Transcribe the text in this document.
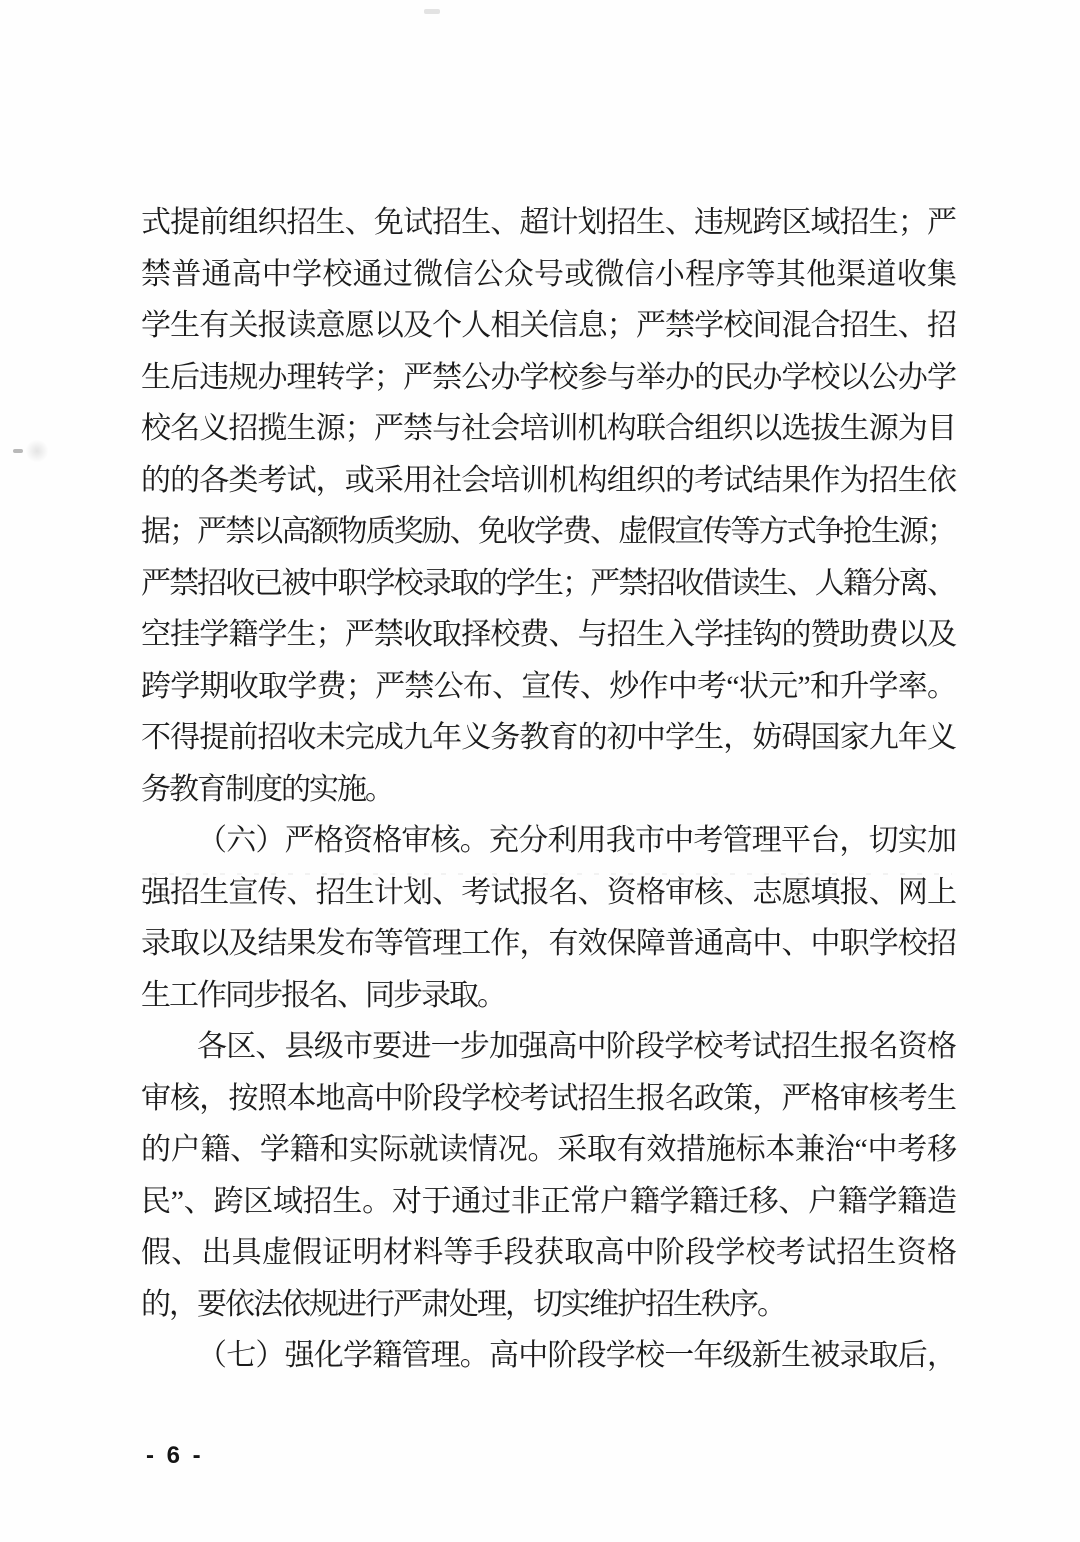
式提前组织招生、免试招生、超计划招生、违规跨区域招生；严
禁普通高中学校通过微信公众号或微信小程序等其他渠道收集
学生有关报读意愿以及个人相关信息；严禁学校间混合招生、招
生后违规办理转学；严禁公办学校参与举办的民办学校以公办学
校名义招揽生源；严禁与社会培训机构联合组织以选拔生源为目
的的各类考试，或采用社会培训机构组织的考试结果作为招生依
据；严禁以高额物质奖励、免收学费、虚假宣传等方式争抢生源；
严禁招收已被中职学校录取的学生；严禁招收借读生、人籍分离、
空挂学籍学生；严禁收取择校费、与招生入学挂钩的赞助费以及
跨学期收取学费；严禁公布、宣传、炒作中考“状元”和升学率。
不得提前招收未完成九年义务教育的初中学生，妨碍国家九年义
务教育制度的实施。
（六）严格资格审核。充分利用我市中考管理平台，切实加
强招生宣传、招生计划、考试报名、资格审核、志愿填报、网上
录取以及结果发布等管理工作，有效保障普通高中、中职学校招
生工作同步报名、同步录取。
各区、县级市要进一步加强高中阶段学校考试招生报名资格
审核，按照本地高中阶段学校考试招生报名政策，严格审核考生
的户籍、学籍和实际就读情况。采取有效措施标本兼治“中考移
民”、跨区域招生。对于通过非正常户籍学籍迁移、户籍学籍造
假、出具虚假证明材料等手段获取高中阶段学校考试招生资格
的，要依法依规进行严肃处理，切实维护招生秩序。
（七）强化学籍管理。高中阶段学校一年级新生被录取后，
- 6 -
